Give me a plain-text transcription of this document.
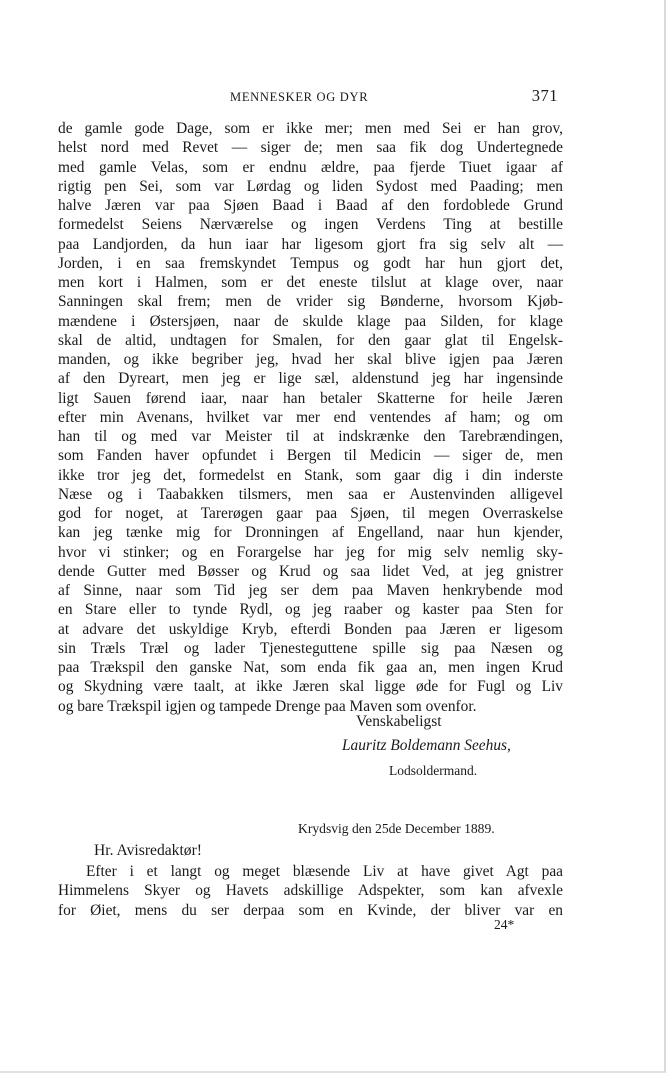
MENNESKER OG DYR	371
de gamle gode Dage, som er ikke mer; men med Sei er han grov,
helst nord med Revet — siger de; men saa fik dog Undertegnede
med gamle Velas, som er endnu ældre, paa fjerde Tiuet igaar af
rigtig pen Sei, som var Lørdag og liden Sydost med Paading; men
halve Jæren var paa Sjøen Baad i Baad af den fordoblede Grund
formedelst Seiens Nærværelse og ingen Verdens Ting at bestille
paa Landjorden, da hun iaar har ligesom gjort fra sig selv alt —
Jorden, i en saa fremskyndet Tempus og godt har hun gjort det,
men kort i Halmen, som er det eneste tilslut at klage over, naar
Sanningen skal frem; men de vrider sig Bønderne, hvorsom Kjøb-
mændene i Østersjøen, naar de skulde klage paa Silden, for klage
skal de altid, undtagen for Smalen, for den gaar glat til Engelsk-
manden, og ikke begriber jeg, hvad her skal blive igjen paa Jæren
af den Dyreart, men jeg er lige sæl, aldenstund jeg har ingensinde
ligt Sauen førend iaar, naar han betaler Skatterne for heile Jæren
efter min Avenans, hvilket var mer end ventendes af ham; og om
han til og med var Meister til at indskrænke den Tarebrændingen,
som Fanden haver opfundet i Bergen til Medicin — siger de, men
ikke tror jeg det, formedelst en Stank, som gaar dig i din inderste
Næse og i Taabakken tilsmers, men saa er Austenvinden alligevel
god for noget, at Tarerøgen gaar paa Sjøen, til megen Overraskelse
kan jeg tænke mig for Dronningen af Engelland, naar hun kjender,
hvor vi stinker; og en Forargelse har jeg for mig selv nemlig sky-
dende Gutter med Bøsser og Krud og saa lidet Ved, at jeg gnistrer
af Sinne, naar som Tid jeg ser dem paa Maven henkrybende mod
en Stare eller to tynde Rydl, og jeg raaber og kaster paa Sten for
at advare det uskyldige Kryb, efterdi Bonden paa Jæren er ligesom
sin Træls Træl og lader Tjenesteguttene spille sig paa Næsen og
paa Trækspil den ganske Nat, som enda fik gaa an, men ingen Krud
og Skydning være taalt, at ikke Jæren skal ligge øde for Fugl og Liv
og bare Trækspil igjen og tampede Drenge paa Maven som ovenfor.
Venskabeligst
Lauritz Boldemann Seehus,
Lodsoldermand.
Krydsvig den 25de December 1889.
Hr. Avisredaktør!
Efter i et langt og meget blæsende Liv at have givet Agt paa
Himmelens Skyer og Havets adskillige Adspekter, som kan afvexle
for Øiet, mens du ser derpaa som en Kvinde, der bliver var en
24*
